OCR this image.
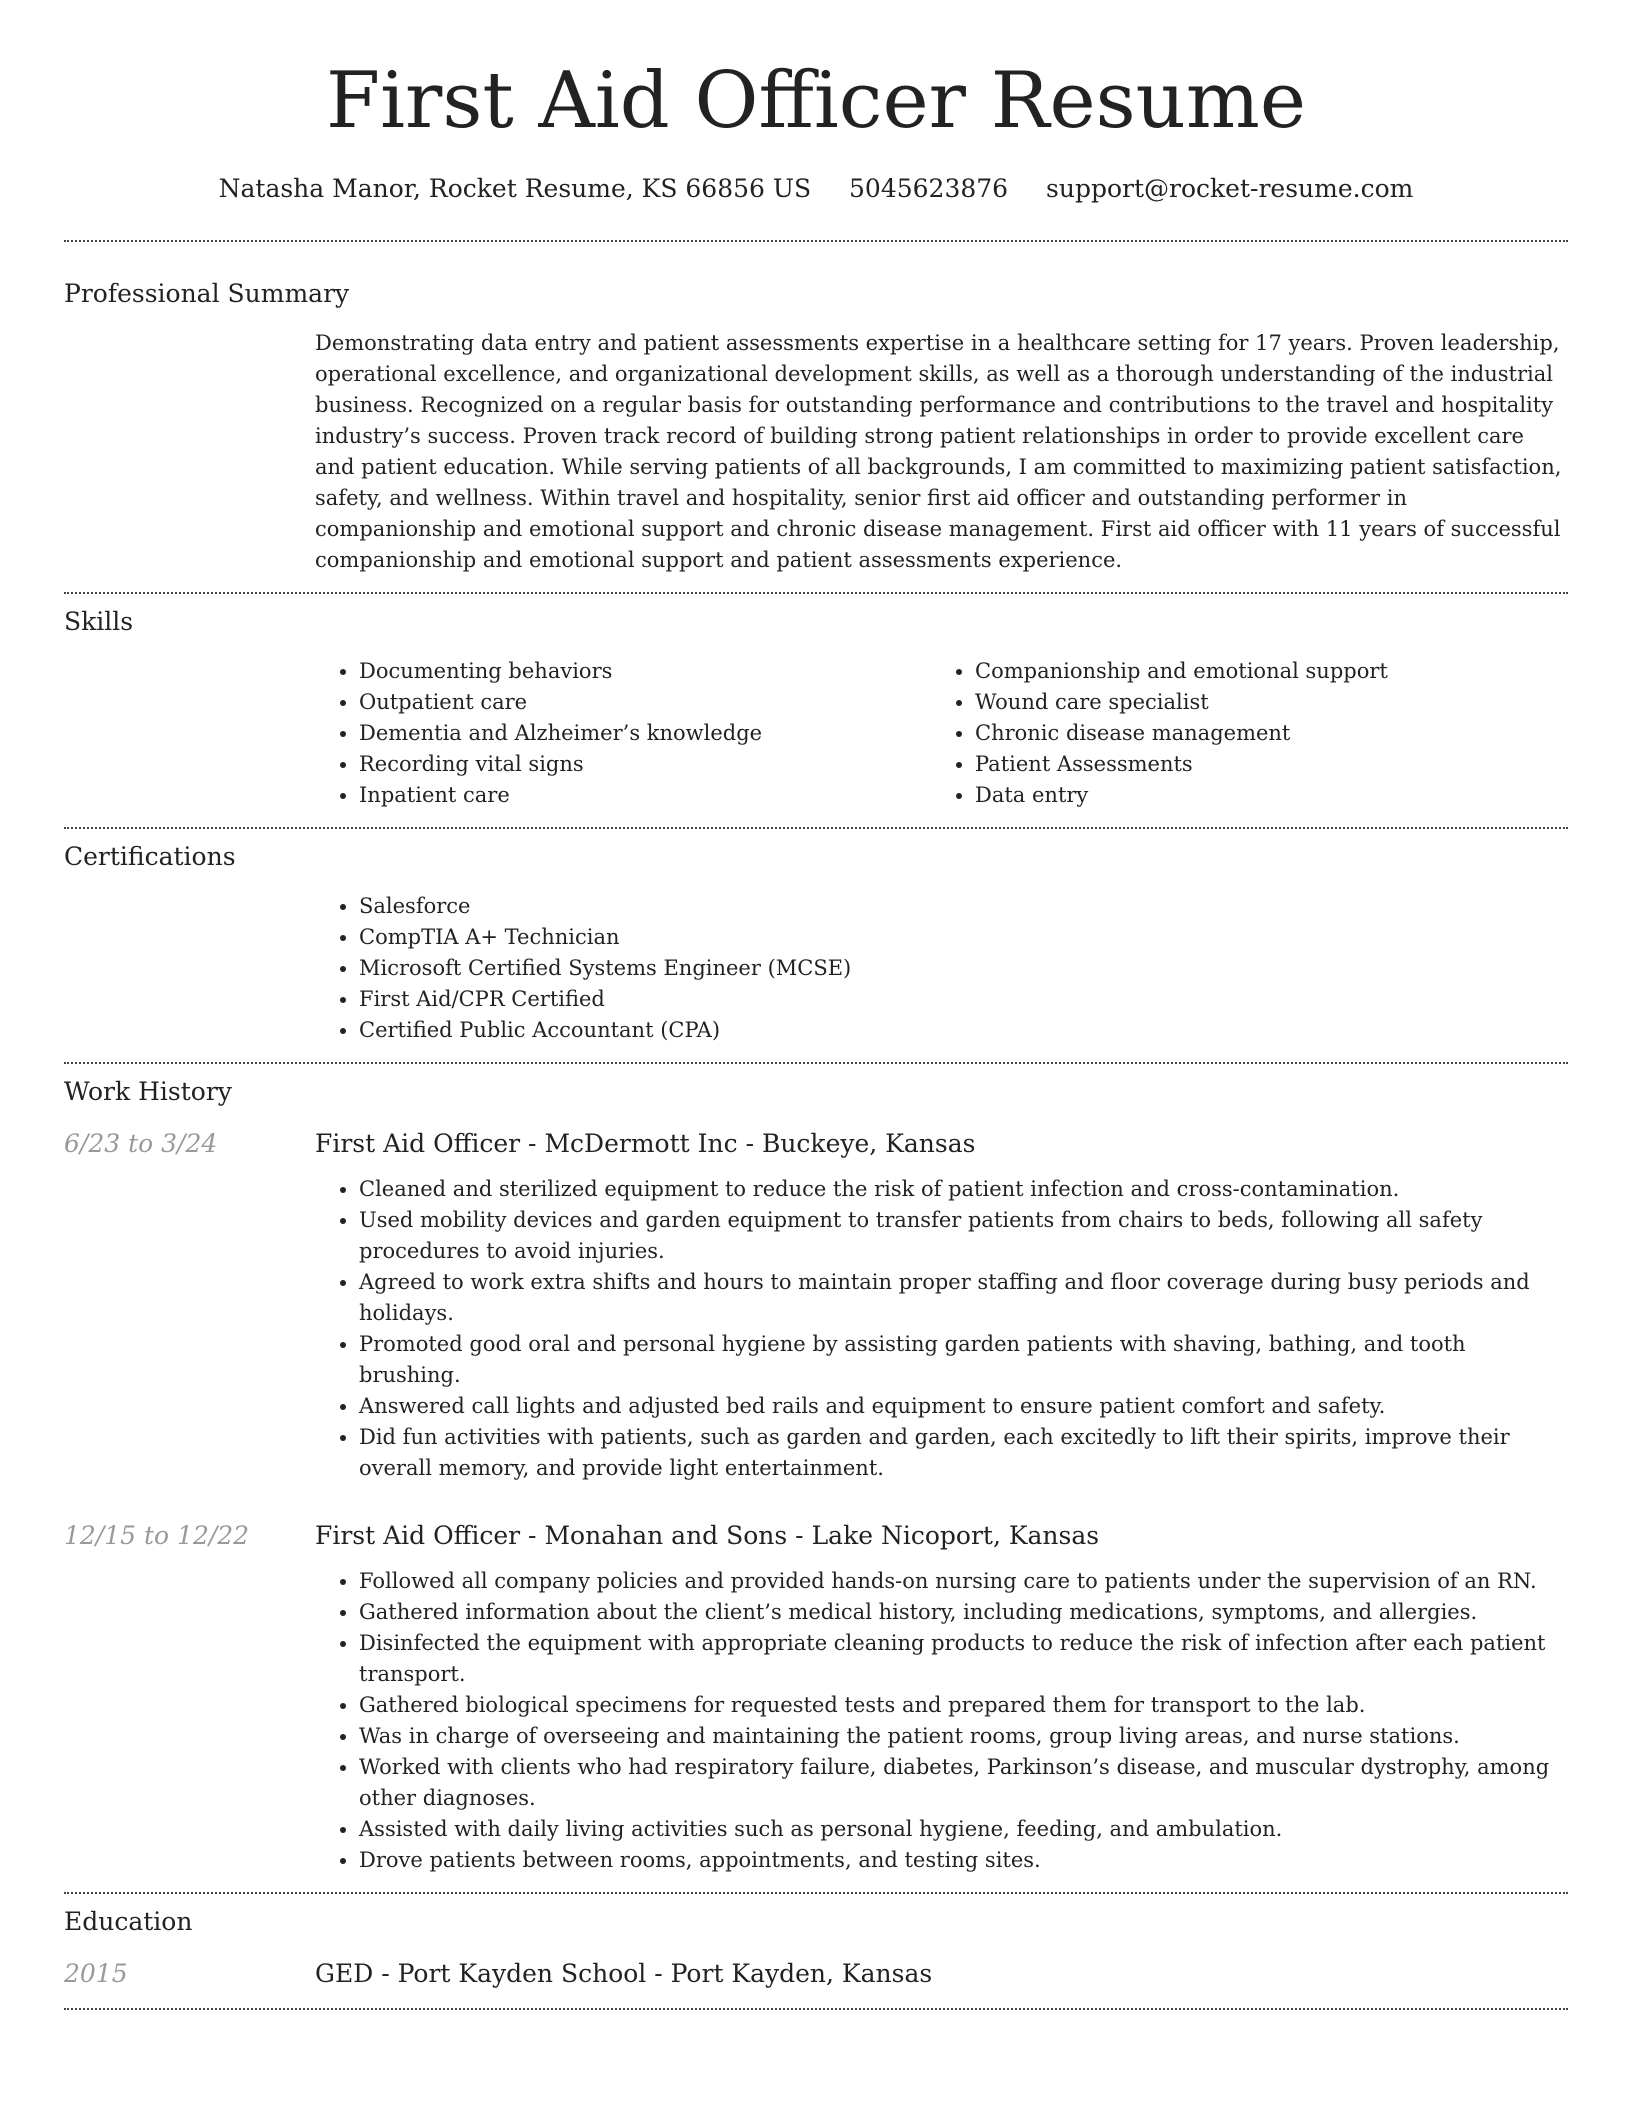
First Aid Officer Resume
Natasha Manor, Rocket Resume, KS 66856 US 5045623876 support@rocket-resume.com
Professional Summary

Demonstrating data entry and patient assessments expertise in a healthcare setting for 17 years. Proven leadership, operational excellence, and organizational development skills, as well as a thorough understanding of the industrial business. Recognized on a regular basis for outstanding performance and contributions to the travel and hospitality industry’s success. Proven track record of building strong patient relationships in order to provide excellent care and patient education. While serving patients of all backgrounds, I am committed to maximizing patient satisfaction, safety, and wellness. Within travel and hospitality, senior first aid officer and outstanding performer in companionship and emotional support and chronic disease management. First aid officer with 11 years of successful companionship and emotional support and patient assessments experience.

Skills
• Documenting behaviors
• Outpatient care
• Dementia and Alzheimer’s knowledge
• Recording vital signs
• Inpatient care
• Companionship and emotional support
• Wound care specialist
• Chronic disease management
• Patient Assessments
• Data entry
Certifications
• Salesforce
• CompTIA A+ Technician
• Microsoft Certified Systems Engineer (MCSE)
• First Aid/CPR Certified
• Certified Public Accountant (CPA)
Work History
6/23 to 3/24	First Aid Officer - McDermott Inc - Buckeye, Kansas
• Cleaned and sterilized equipment to reduce the risk of patient infection and cross-contamination.
• Used mobility devices and garden equipment to transfer patients from chairs to beds, following all safety procedures to avoid injuries.
• Agreed to work extra shifts and hours to maintain proper staffing and floor coverage during busy periods and holidays.
• Promoted good oral and personal hygiene by assisting garden patients with shaving, bathing, and tooth brushing.
• Answered call lights and adjusted bed rails and equipment to ensure patient comfort and safety.
• Did fun activities with patients, such as garden and garden, each excitedly to lift their spirits, improve their overall memory, and provide light entertainment.
12/15 to 12/22	First Aid Officer - Monahan and Sons - Lake Nicoport, Kansas
• Followed all company policies and provided hands-on nursing care to patients under the supervision of an RN.
• Gathered information about the client’s medical history, including medications, symptoms, and allergies.
• Disinfected the equipment with appropriate cleaning products to reduce the risk of infection after each patient transport.
• Gathered biological specimens for requested tests and prepared them for transport to the lab.
• Was in charge of overseeing and maintaining the patient rooms, group living areas, and nurse stations.
• Worked with clients who had respiratory failure, diabetes, Parkinson’s disease, and muscular dystrophy, among other diagnoses.
• Assisted with daily living activities such as personal hygiene, feeding, and ambulation.
• Drove patients between rooms, appointments, and testing sites.
Education
2015	GED - Port Kayden School - Port Kayden, Kansas
